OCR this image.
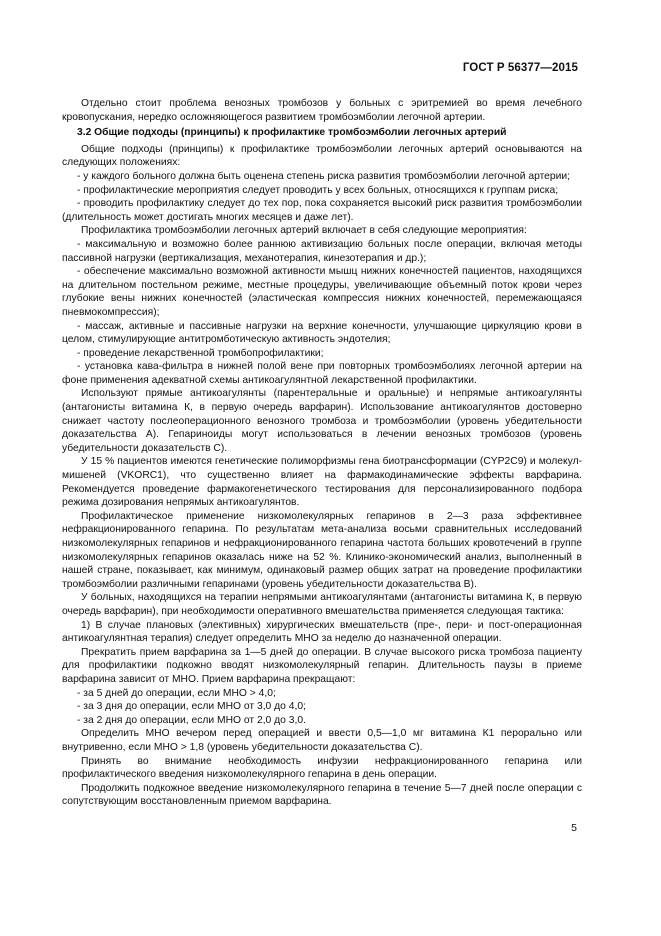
ГОСТ Р 56377—2015

Отдельно стоит проблема венозных тромбозов у больных с эритремией во время лечебного кровопускания, нередко осложняющегося развитием тромбоэмболии легочной артерии.

3.2 Общие подходы (принципы) к профилактике тромбоэмболии легочных артерий

Общие подходы (принципы) к профилактике тромбоэмболии легочных артерий основываются на следующих положениях:

- у каждого больного должна быть оценена степень риска развития тромбоэмболии легочной артерии;

- профилактические мероприятия следует проводить у всех больных, относящихся к группам риска;

- проводить профилактику следует до тех пор, пока сохраняется высокий риск развития тромбоэмболии (длительность может достигать многих месяцев и даже лет).

Профилактика тромбоэмболии легочных артерий включает в себя следующие мероприятия:

- максимальную и возможно более раннюю активизацию больных после операции, включая методы пассивной нагрузки (вертикализация, механотерапия, кинезотерапия и др.);

- обеспечение максимально возможной активности мышц нижних конечностей пациентов, находящихся на длительном постельном режиме, местные процедуры, увеличивающие объемный поток крови через глубокие вены нижних конечностей (эластическая компрессия нижних конечностей, перемежающаяся пневмокомпрессия);

- массаж, активные и пассивные нагрузки на верхние конечности, улучшающие циркуляцию крови в целом, стимулирующие антитромботическую активность эндотелия;

- проведение лекарственной тромбопрофилактики;

- установка кава-фильтра в нижней полой вене при повторных тромбоэмболиях легочной артерии на фоне применения адекватной схемы антикоагулянтной лекарственной профилактики.

Используют прямые антикоагулянты (парентеральные и оральные) и непрямые антикоагулянты (антагонисты витамина К, в первую очередь варфарин). Использование антикоагулянтов достоверно снижает частоту послеоперационного венозного тромбоза и тромбоэмболии (уровень убедительности доказательства А). Гепариноиды могут использоваться в лечении венозных тромбозов (уровень убедительности доказательств С).

У 15 % пациентов имеются генетические полиморфизмы гена биотрансформации (CYP2C9) и молекул-мишеней (VKORC1), что существенно влияет на фармакодинамические эффекты варфарина. Рекомендуется проведение фармакогенетического тестирования для персонализированного подбора режима дозирования непрямых антикоагулянтов.

Профилактическое применение низкомолекулярных гепаринов в 2—3 раза эффективнее нефракционированного гепарина. По результатам мета-анализа восьми сравнительных исследований низкомолекулярных гепаринов и нефракционированного гепарина частота больших кровотечений в группе низкомолекулярных гепаринов оказалась ниже на 52 %. Клинико-экономический анализ, выполненный в нашей стране, показывает, как минимум, одинаковый размер общих затрат на проведение профилактики тромбоэмболии различными гепаринами (уровень убедительности доказательства В).

У больных, находящихся на терапии непрямыми антикоагулянтами (антагонисты витамина К, в первую очередь варфарин), при необходимости оперативного вмешательства применяется следующая тактика:

1) В случае плановых (элективных) хирургических вмешательств (пре-, пери- и пост-операционная антикоагулянтная терапия) следует определить МНО за неделю до назначенной операции.

Прекратить прием варфарина за 1—5 дней до операции. В случае высокого риска тромбоза пациенту для профилактики подкожно вводят низкомолекулярный гепарин. Длительность паузы в приеме варфарина зависит от МНО. Прием варфарина прекращают:

- за 5 дней до операции, если МНО > 4,0;

- за 3 дня до операции, если МНО от 3,0 до 4,0;

- за 2 дня до операции, если МНО от 2,0 до 3,0.

Определить МНО вечером перед операцией и ввести 0,5—1,0 мг витамина К1 перорально или внутривенно, если МНО > 1,8 (уровень убедительности доказательства С).

Принять во внимание необходимость инфузии нефракционированного гепарина или профилактического введения низкомолекулярного гепарина в день операции.

Продолжить подкожное введение низкомолекулярного гепарина в течение 5—7 дней после операции с сопутствующим восстановленным приемом варфарина.

5
